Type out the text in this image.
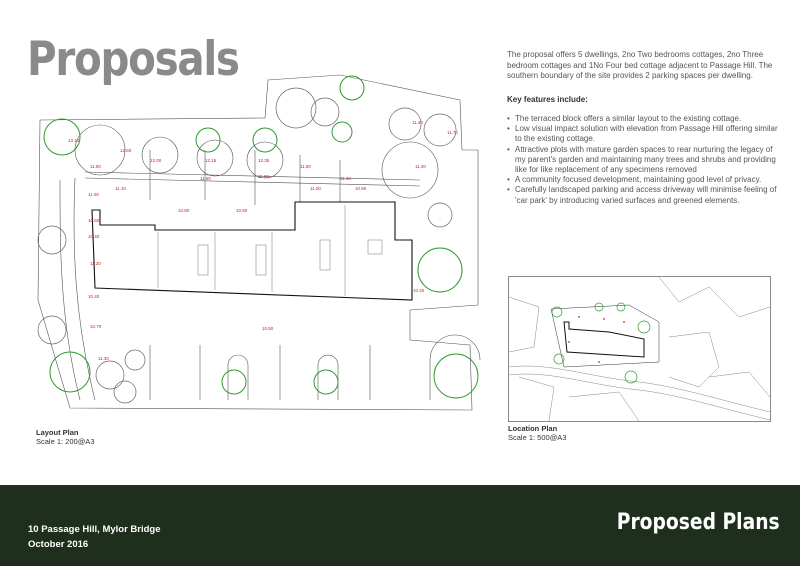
Proposals	The proposal offers 5 dwellings, 2no Two bedrooms cottages, 2no Three bedroom cottages and 1No Four bed cottage adjacent to Passage Hill. The southern boundary of the site provides 2 parking spaces per dwelling.

Key features include:

• The terraced block offers a similar layout to the existing cottage.
• Low visual impact solution with elevation from Passage Hill offering similar to the existing cottage.
• Attractive plots with mature garden spaces to rear nurturing the legacy of my parent's garden and maintaining many trees and shrubs and providing like for like replacement of any specimens removed
• A community focused development, maintaining good level of privacy.
• Carefully landscaped parking and access driveway will minimise feeling of 'car park' by introducing varied surfaces and greened elements.
13.10
12.60
12.00
11.80
12.15
11.60
12.35
11.80
11.40
11.70
11.50	11.40
11.40
11.00
11.10	11.00
10.80	10.80
10.60
10.40
11.20
10.40
10.70	10.50
10.40
11.30
10.90
Layout Plan
Scale 1: 200@A3
Location Plan
Scale 1: 500@A3

10 Passage Hill, Mylor Bridge
October 2016

Proposed Plans
